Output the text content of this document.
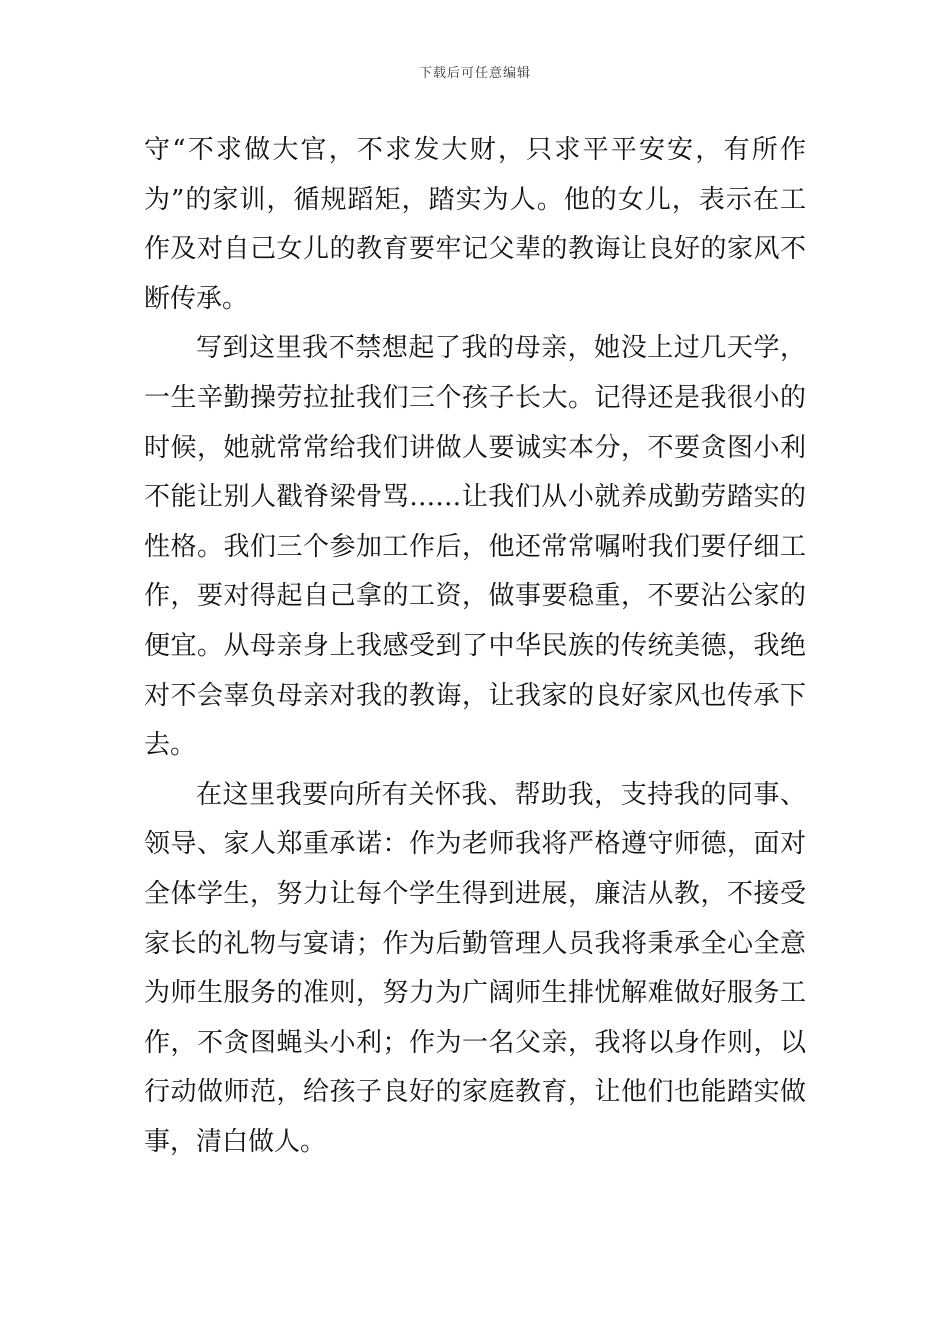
下载后可任意编辑
守“不求做大官，不求发大财，只求平平安安，有所作
为”的家训，循规蹈矩，踏实为人。他的女儿，表示在工
作及对自己女儿的教育要牢记父辈的教诲让良好的家风不
断传承。
写到这里我不禁想起了我的母亲，她没上过几天学，
一生辛勤操劳拉扯我们三个孩子长大。记得还是我很小的
时候，她就常常给我们讲做人要诚实本分，不要贪图小利
不能让别人戳脊梁骨骂……让我们从小就养成勤劳踏实的
性格。我们三个参加工作后，他还常常嘱咐我们要仔细工
作，要对得起自己拿的工资，做事要稳重，不要沾公家的
便宜。从母亲身上我感受到了中华民族的传统美德，我绝
对不会辜负母亲对我的教诲，让我家的良好家风也传承下
去。
在这里我要向所有关怀我、帮助我，支持我的同事、
领导、家人郑重承诺：作为老师我将严格遵守师德，面对
全体学生，努力让每个学生得到进展，廉洁从教，不接受
家长的礼物与宴请；作为后勤管理人员我将秉承全心全意
为师生服务的准则，努力为广阔师生排忧解难做好服务工
作，不贪图蝇头小利；作为一名父亲，我将以身作则，以
行动做师范，给孩子良好的家庭教育，让他们也能踏实做
事，清白做人。
